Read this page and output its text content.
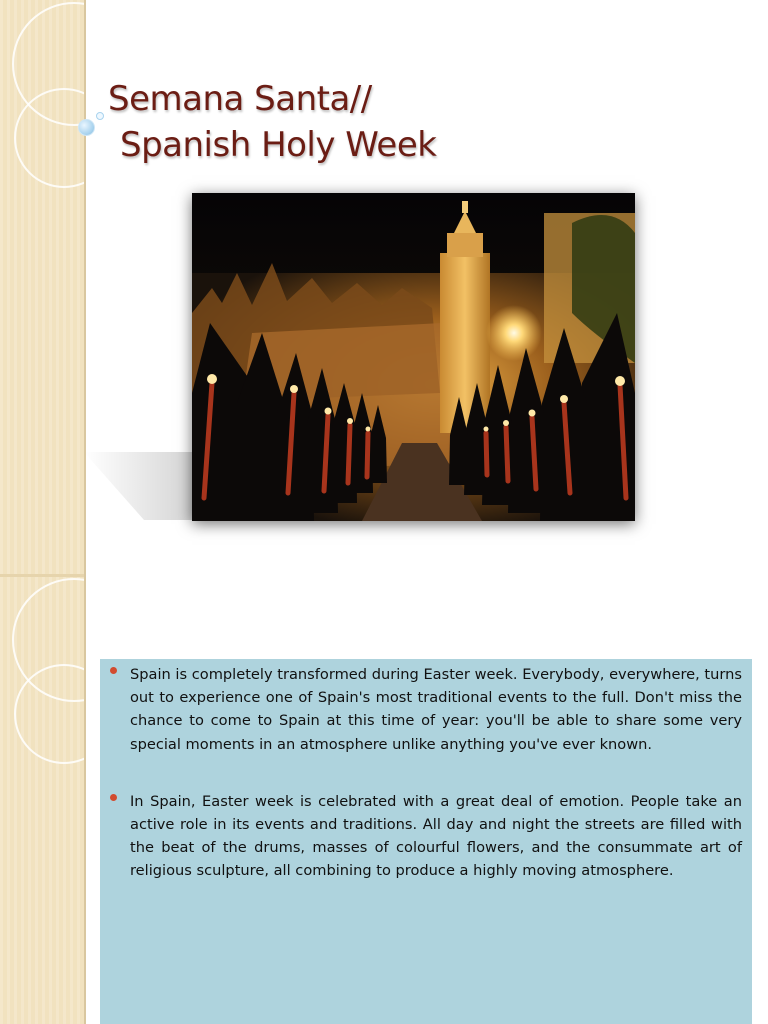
Semana Santa//
Spanish Holy Week

Spain is completely transformed during Easter week. Everybody, everywhere, turns out to experience one of Spain's most traditional events to the full. Don't miss the chance to come to Spain at this time of year: you'll be able to share some very special moments in an atmosphere unlike anything you've ever known.

In Spain, Easter week is celebrated with a great deal of emotion. People take an active role in its events and traditions. All day and night the streets are filled with the beat of the drums, masses of colourful flowers, and the consummate art of religious sculpture, all combining to produce a highly moving atmosphere.
